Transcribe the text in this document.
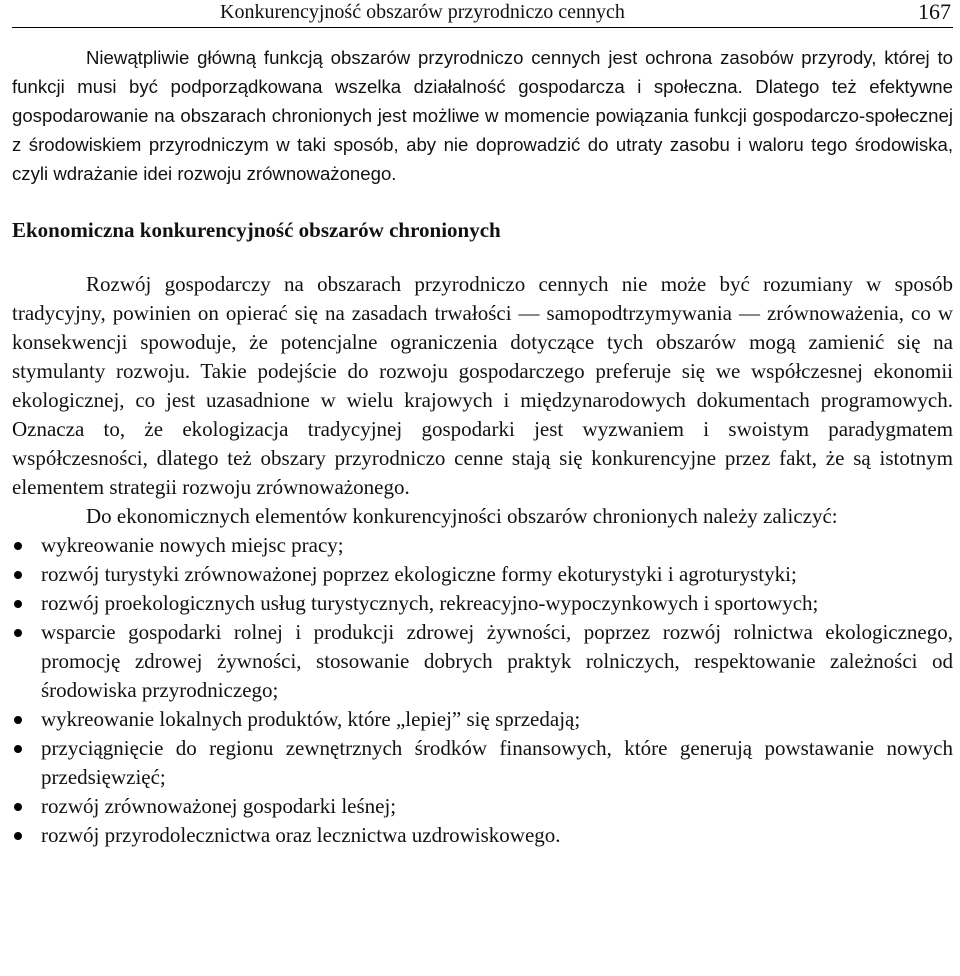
Konkurencyjność obszarów przyrodniczo cennych	167

Niewątpliwie główną funkcją obszarów przyrodniczo cennych jest ochrona zasobów przyrody, której to funkcji musi być podporządkowana wszelka działalność gospodarcza i społeczna. Dlatego też efektywne gospodarowanie na obszarach chronionych jest możliwe w momencie powiązania funkcji gospodarczo-społecznej z środowiskiem przyrodniczym w taki sposób, aby nie doprowadzić do utraty zasobu i waloru tego środowiska, czyli wdrażanie idei rozwoju zrównoważonego.

Ekonomiczna konkurencyjność obszarów chronionych

Rozwój gospodarczy na obszarach przyrodniczo cennych nie może być rozumiany w sposób tradycyjny, powinien on opierać się na zasadach trwałości — samopodtrzymywania — zrównoważenia, co w konsekwencji spowoduje, że potencjalne ograniczenia dotyczące tych obszarów mogą zamienić się na stymulanty rozwoju. Takie podejście do rozwoju gospodarczego preferuje się we współczesnej ekonomii ekologicznej, co jest uzasadnione w wielu krajowych i międzynarodowych dokumentach programowych. Oznacza to, że ekologizacja tradycyjnej gospodarki jest wyzwaniem i swoistym paradygmatem współczesności, dlatego też obszary przyrodniczo cenne stają się konkurencyjne przez fakt, że są istotnym elementem strategii rozwoju zrównoważonego.

Do ekonomicznych elementów konkurencyjności obszarów chronionych należy zaliczyć:

wykreowanie nowych miejsc pracy;
rozwój turystyki zrównoważonej poprzez ekologiczne formy ekoturystyki i agroturystyki;
rozwój proekologicznych usług turystycznych, rekreacyjno-wypoczynkowych i sportowych;
wsparcie gospodarki rolnej i produkcji zdrowej żywności, poprzez rozwój rolnictwa ekologicznego, promocję zdrowej żywności, stosowanie dobrych praktyk rolniczych, respektowanie zależności od środowiska przyrodniczego;
wykreowanie lokalnych produktów, które „lepiej” się sprzedają;
przyciągnięcie do regionu zewnętrznych środków finansowych, które generują powstawanie nowych przedsięwzięć;
rozwój zrównoważonej gospodarki leśnej;
rozwój przyrodolecznictwa oraz lecznictwa uzdrowiskowego.
